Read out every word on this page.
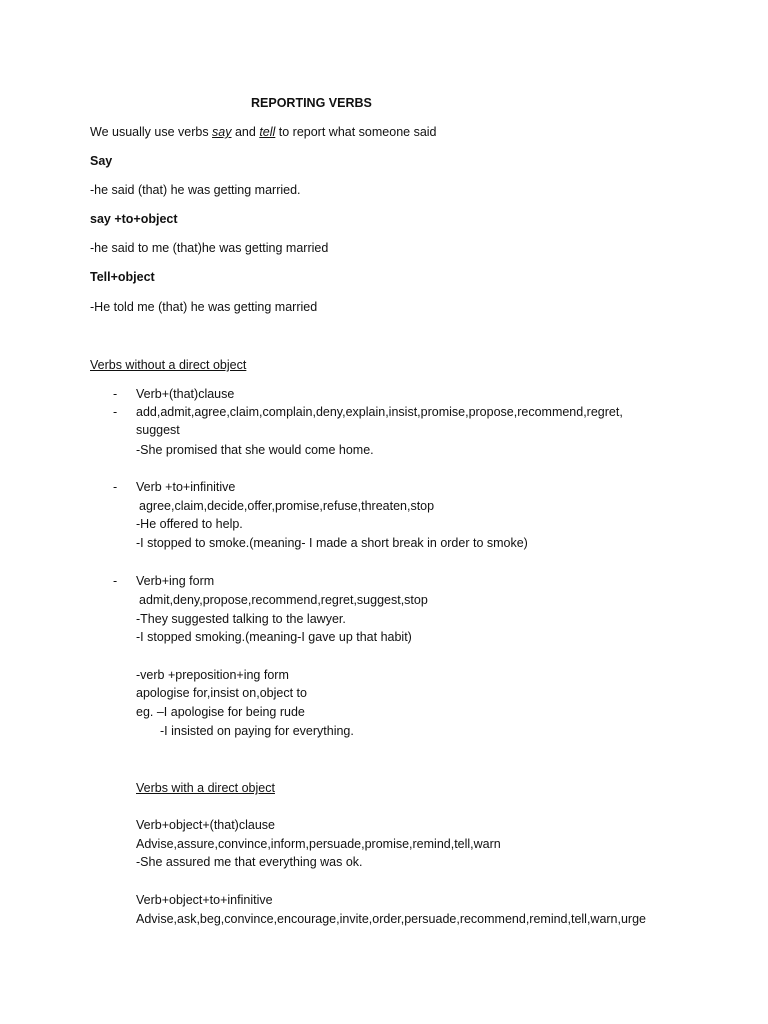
REPORTING VERBS
We usually use verbs say and tell to report what someone said
Say
-he said (that) he was getting married.
say +to+object
-he said to me (that)he was getting married
Tell+object
-He told me (that) he was getting married
Verbs without a direct object
- Verb+(that)clause
- add,admit,agree,claim,complain,deny,explain,insist,promise,propose,recommend,regret,
suggest
-She promised that she would come home.
- Verb +to+infinitive
agree,claim,decide,offer,promise,refuse,threaten,stop
-He offered to help.
-I stopped to smoke.(meaning- I made a short break in order to smoke)
- Verb+ing form
admit,deny,propose,recommend,regret,suggest,stop
-They suggested talking to the lawyer.
-I stopped smoking.(meaning-I gave up that habit)
-verb +preposition+ing form
apologise for,insist on,object to
eg. –I apologise for being rude
-I insisted on paying for everything.
Verbs with a direct object
Verb+object+(that)clause
Advise,assure,convince,inform,persuade,promise,remind,tell,warn
-She assured me that everything was ok.
Verb+object+to+infinitive
Advise,ask,beg,convince,encourage,invite,order,persuade,recommend,remind,tell,warn,urge
